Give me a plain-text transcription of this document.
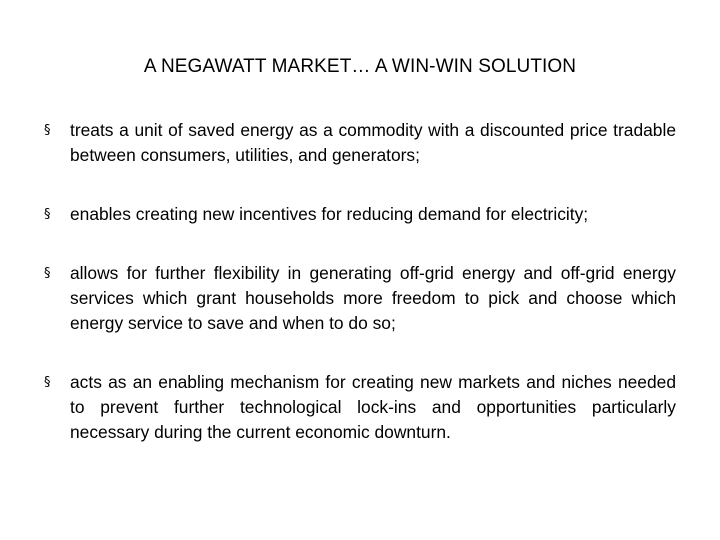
A NEGAWATT MARKET… A WIN-WIN SOLUTION
§ treats a unit of saved energy as a commodity with a discounted price tradable between consumers, utilities, and generators;
§ enables creating new incentives for reducing demand for electricity;
§ allows for further flexibility in generating off-grid energy and off-grid energy services which grant households more freedom to pick and choose which energy service to save and when to do so;
§ acts as an enabling mechanism for creating new markets and niches needed to prevent further technological lock-ins and opportunities particularly necessary during the current economic downturn.
